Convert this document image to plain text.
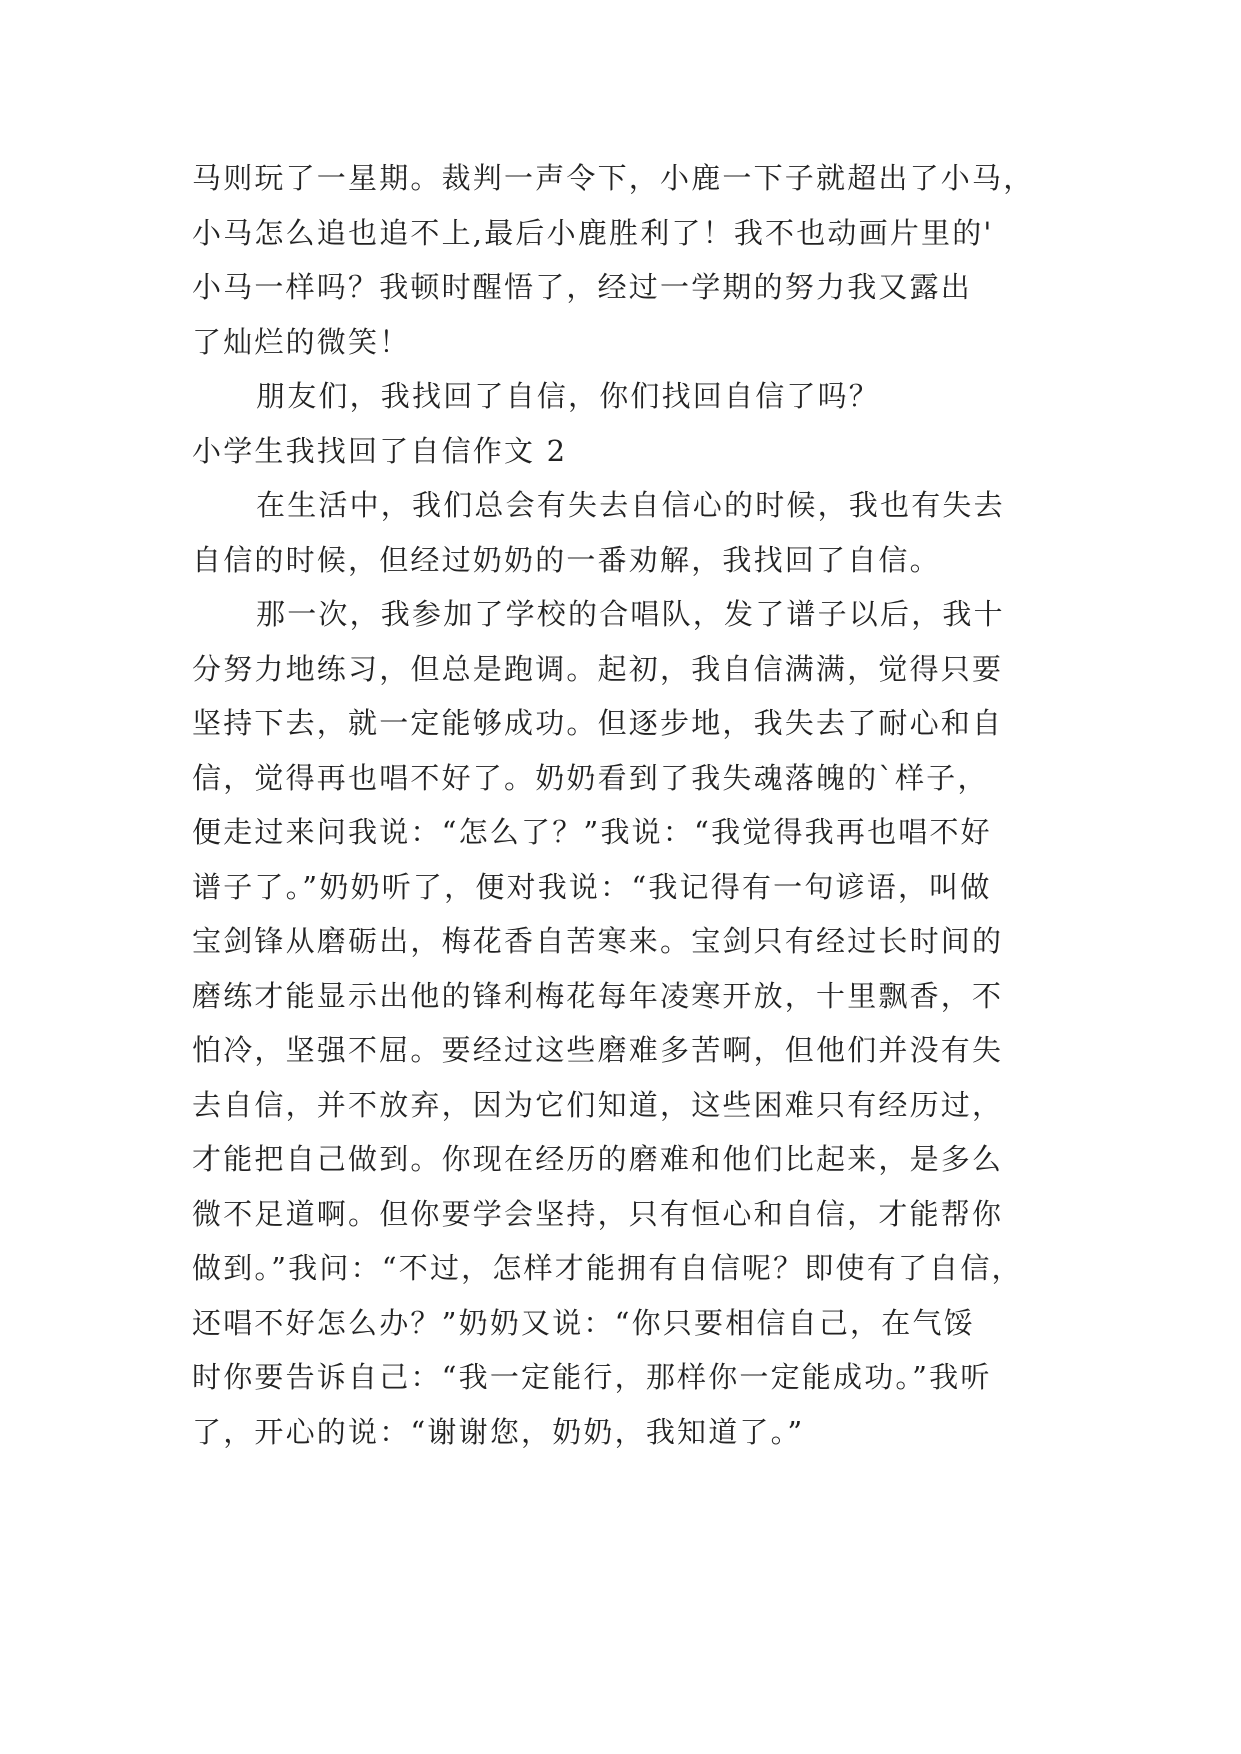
马则玩了一星期。裁判一声令下，小鹿一下子就超出了小马，
小马怎么追也追不上,最后小鹿胜利了！我不也动画片里的'
小马一样吗？我顿时醒悟了，经过一学期的努力我又露出
了灿烂的微笑！
朋友们，我找回了自信，你们找回自信了吗？
小学生我找回了自信作文 2
在生活中，我们总会有失去自信心的时候，我也有失去
自信的时候，但经过奶奶的一番劝解，我找回了自信。
那一次，我参加了学校的合唱队，发了谱子以后，我十
分努力地练习，但总是跑调。起初，我自信满满，觉得只要
坚持下去，就一定能够成功。但逐步地，我失去了耐心和自
信，觉得再也唱不好了。奶奶看到了我失魂落魄的`样子，
便走过来问我说：“怎么了？”我说：“我觉得我再也唱不好
谱子了。”奶奶听了，便对我说：“我记得有一句谚语，叫做
宝剑锋从磨砺出，梅花香自苦寒来。宝剑只有经过长时间的
磨练才能显示出他的锋利梅花每年凌寒开放，十里飘香，不
怕冷，坚强不屈。要经过这些磨难多苦啊，但他们并没有失
去自信，并不放弃，因为它们知道，这些困难只有经历过，
才能把自己做到。你现在经历的磨难和他们比起来，是多么
微不足道啊。但你要学会坚持，只有恒心和自信，才能帮你
做到。”我问：“不过，怎样才能拥有自信呢？即使有了自信，
还唱不好怎么办？”奶奶又说：“你只要相信自己，在气馁
时你要告诉自己：“我一定能行，那样你一定能成功。”我听
了，开心的说：“谢谢您，奶奶，我知道了。”
